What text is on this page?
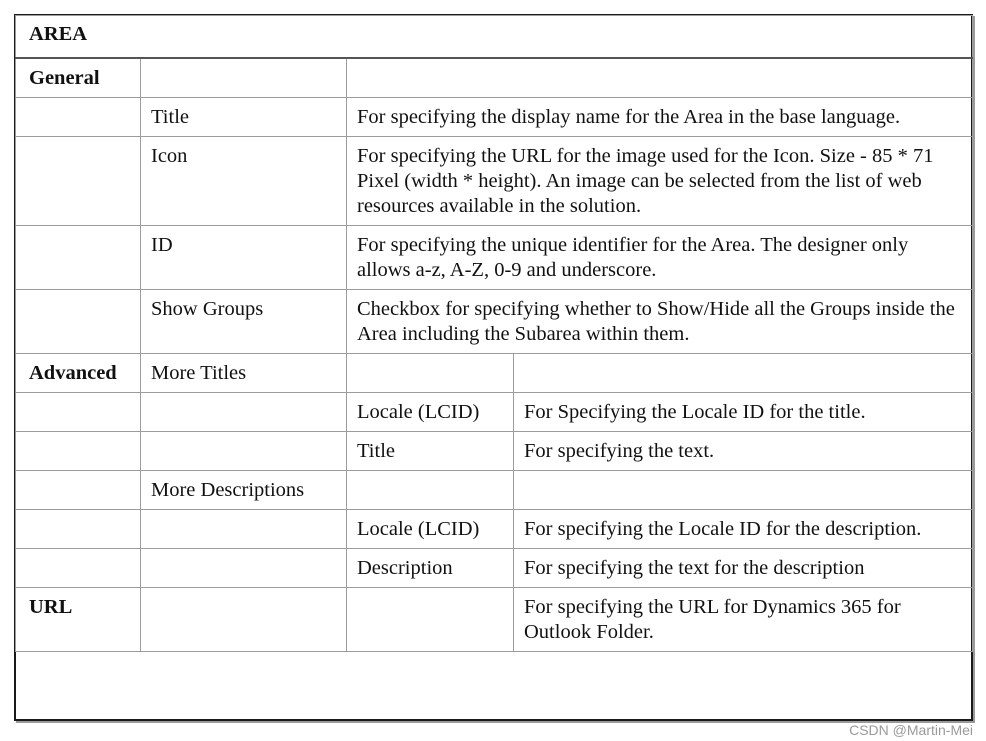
AREA			
General			
	Title	For specifying the display name for the Area in the base language.	
	Icon	For specifying the URL for the image used for the Icon. Size - 85 * 71 Pixel (width * height). An image can be selected from the list of web resources available in the solution.	
	ID	For specifying the unique identifier for the Area. The designer only allows a-z, A-Z, 0-9 and underscore.	
	Show Groups	Checkbox for specifying whether to Show/Hide all the Groups inside the Area including the Subarea within them.	
Advanced	More Titles		
		Locale (LCID)	For Specifying the Locale ID for the title.
		Title	For specifying the text.
	More Descriptions		
		Locale (LCID)	For specifying the Locale ID for the description.
		Description	For specifying the text for the description
URL			For specifying the URL for Dynamics 365 for Outlook Folder.
CSDN @Martin-Mei
